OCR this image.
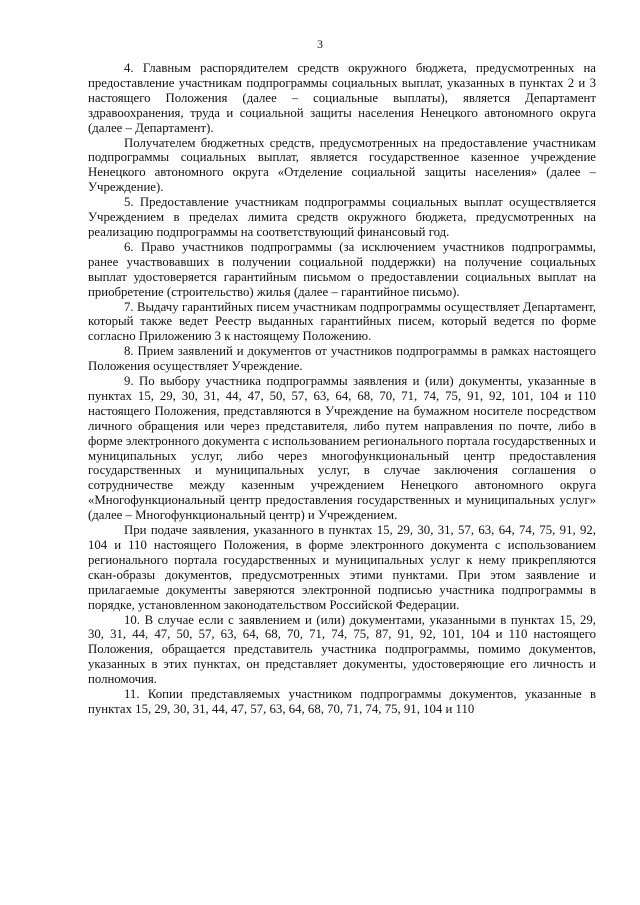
3

4. Главным распорядителем средств окружного бюджета, предусмотренных на предоставление участникам подпрограммы социальных выплат, указанных в пунктах 2 и 3 настоящего Положения (далее – социальные выплаты), является Департамент здравоохранения, труда и социальной защиты населения Ненецкого автономного округа (далее – Департамент).

Получателем бюджетных средств, предусмотренных на предоставление участникам подпрограммы социальных выплат, является государственное казенное учреждение Ненецкого автономного округа «Отделение социальной защиты населения» (далее – Учреждение).

5. Предоставление участникам подпрограммы социальных выплат осуществляется Учреждением в пределах лимита средств окружного бюджета, предусмотренных на реализацию подпрограммы на соответствующий финансовый год.

6. Право участников подпрограммы (за исключением участников подпрограммы, ранее участвовавших в получении социальной поддержки) на получение социальных выплат удостоверяется гарантийным письмом о предоставлении социальных выплат на приобретение (строительство) жилья (далее – гарантийное письмо).

7. Выдачу гарантийных писем участникам подпрограммы осуществляет Департамент, который также ведет Реестр выданных гарантийных писем, который ведется по форме согласно Приложению 3 к настоящему Положению.

8. Прием заявлений и документов от участников подпрограммы в рамках настоящего Положения осуществляет Учреждение.

9. По выбору участника подпрограммы заявления и (или) документы, указанные в пунктах 15, 29, 30, 31, 44, 47, 50, 57, 63, 64, 68, 70, 71, 74, 75, 91, 92, 101, 104 и 110 настоящего Положения, представляются в Учреждение на бумажном носителе посредством личного обращения или через представителя, либо путем направления по почте, либо в форме электронного документа с использованием регионального портала государственных и муниципальных услуг, либо через многофункциональный центр предоставления государственных и муниципальных услуг, в случае заключения соглашения о сотрудничестве между казенным учреждением Ненецкого автономного округа «Многофункциональный центр предоставления государственных и муниципальных услуг» (далее – Многофункциональный центр) и Учреждением.

При подаче заявления, указанного в пунктах 15, 29, 30, 31, 57, 63, 64, 74, 75, 91, 92, 104 и 110 настоящего Положения, в форме электронного документа с использованием регионального портала государственных и муниципальных услуг к нему прикрепляются скан-образы документов, предусмотренных этими пунктами. При этом заявление и прилагаемые документы заверяются электронной подписью участника подпрограммы в порядке, установленном законодательством Российской Федерации.

10. В случае если с заявлением и (или) документами, указанными в пунктах 15, 29, 30, 31, 44, 47, 50, 57, 63, 64, 68, 70, 71, 74, 75, 87, 91, 92, 101, 104 и 110 настоящего Положения, обращается представитель участника подпрограммы, помимо документов, указанных в этих пунктах, он представляет документы, удостоверяющие его личность и полномочия.

11. Копии представляемых участником подпрограммы документов, указанные в пунктах 15, 29, 30, 31, 44, 47, 57, 63, 64, 68, 70, 71, 74, 75, 91, 104 и 110
